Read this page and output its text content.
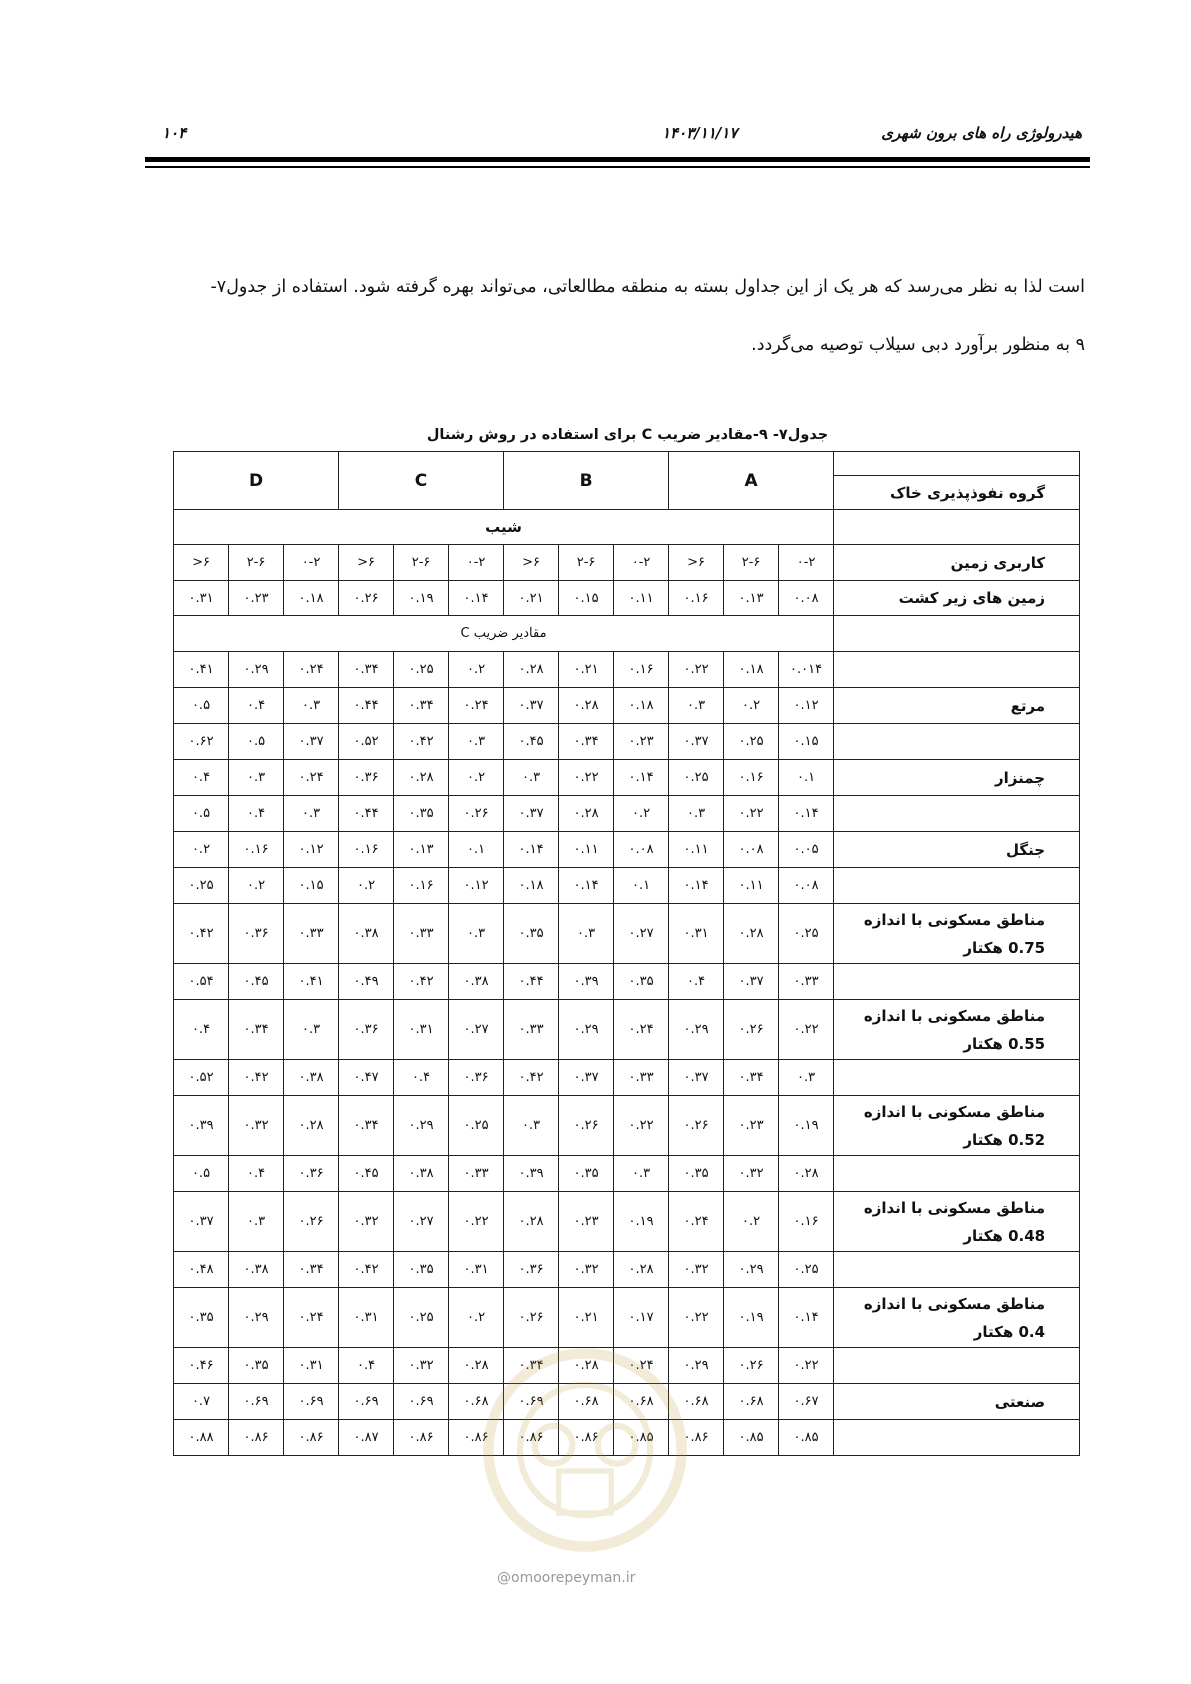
هیدرولوژی راه های برون شهری
۱۴۰۳/۱۱/۱۷
۱۰۴
است لذا به نظر می‌رسد که هر یک از این جداول بسته به منطقه مطالعاتی، می‌تواند بهره گرفته شود. استفاده از جدول۷-
۹ به منظور برآورد دبی سیلاب توصیه می‌گردد.
جدول۷- ۹-مقادیر ضریب C برای استفاده در روش رشنال
	A			B			C			D		
گروه نفوذپذیری خاک												
	شیب											
کاربری زمین	۰-۲	۲-۶	>۶	۰-۲	۲-۶	>۶	۰-۲	۲-۶	>۶	۰-۲	۲-۶	>۶
زمین های زیر کشت	۰.۰۸	۰.۱۳	۰.۱۶	۰.۱۱	۰.۱۵	۰.۲۱	۰.۱۴	۰.۱۹	۰.۲۶	۰.۱۸	۰.۲۳	۰.۳۱
	مقادیر ضریب C											
	۰.۰۱۴	۰.۱۸	۰.۲۲	۰.۱۶	۰.۲۱	۰.۲۸	۰.۲	۰.۲۵	۰.۳۴	۰.۲۴	۰.۲۹	۰.۴۱
مرتع	۰.۱۲	۰.۲	۰.۳	۰.۱۸	۰.۲۸	۰.۳۷	۰.۲۴	۰.۳۴	۰.۴۴	۰.۳	۰.۴	۰.۵
	۰.۱۵	۰.۲۵	۰.۳۷	۰.۲۳	۰.۳۴	۰.۴۵	۰.۳	۰.۴۲	۰.۵۲	۰.۳۷	۰.۵	۰.۶۲
چمنزار	۰.۱	۰.۱۶	۰.۲۵	۰.۱۴	۰.۲۲	۰.۳	۰.۲	۰.۲۸	۰.۳۶	۰.۲۴	۰.۳	۰.۴
	۰.۱۴	۰.۲۲	۰.۳	۰.۲	۰.۲۸	۰.۳۷	۰.۲۶	۰.۳۵	۰.۴۴	۰.۳	۰.۴	۰.۵
جنگل	۰.۰۵	۰.۰۸	۰.۱۱	۰.۰۸	۰.۱۱	۰.۱۴	۰.۱	۰.۱۳	۰.۱۶	۰.۱۲	۰.۱۶	۰.۲
	۰.۰۸	۰.۱۱	۰.۱۴	۰.۱	۰.۱۴	۰.۱۸	۰.۱۲	۰.۱۶	۰.۲	۰.۱۵	۰.۲	۰.۲۵
مناطق مسکونی با اندازه 0.75 هکتار	۰.۲۵	۰.۲۸	۰.۳۱	۰.۲۷	۰.۳	۰.۳۵	۰.۳	۰.۳۳	۰.۳۸	۰.۳۳	۰.۳۶	۰.۴۲
	۰.۳۳	۰.۳۷	۰.۴	۰.۳۵	۰.۳۹	۰.۴۴	۰.۳۸	۰.۴۲	۰.۴۹	۰.۴۱	۰.۴۵	۰.۵۴
مناطق مسکونی با اندازه 0.55 هکتار	۰.۲۲	۰.۲۶	۰.۲۹	۰.۲۴	۰.۲۹	۰.۳۳	۰.۲۷	۰.۳۱	۰.۳۶	۰.۳	۰.۳۴	۰.۴
	۰.۳	۰.۳۴	۰.۳۷	۰.۳۳	۰.۳۷	۰.۴۲	۰.۳۶	۰.۴	۰.۴۷	۰.۳۸	۰.۴۲	۰.۵۲
مناطق مسکونی با اندازه 0.52 هکتار	۰.۱۹	۰.۲۳	۰.۲۶	۰.۲۲	۰.۲۶	۰.۳	۰.۲۵	۰.۲۹	۰.۳۴	۰.۲۸	۰.۳۲	۰.۳۹
	۰.۲۸	۰.۳۲	۰.۳۵	۰.۳	۰.۳۵	۰.۳۹	۰.۳۳	۰.۳۸	۰.۴۵	۰.۳۶	۰.۴	۰.۵
مناطق مسکونی با اندازه 0.48 هکتار	۰.۱۶	۰.۲	۰.۲۴	۰.۱۹	۰.۲۳	۰.۲۸	۰.۲۲	۰.۲۷	۰.۳۲	۰.۲۶	۰.۳	۰.۳۷
	۰.۲۵	۰.۲۹	۰.۳۲	۰.۲۸	۰.۳۲	۰.۳۶	۰.۳۱	۰.۳۵	۰.۴۲	۰.۳۴	۰.۳۸	۰.۴۸
مناطق مسکونی با اندازه 0.4 هکتار	۰.۱۴	۰.۱۹	۰.۲۲	۰.۱۷	۰.۲۱	۰.۲۶	۰.۲	۰.۲۵	۰.۳۱	۰.۲۴	۰.۲۹	۰.۳۵
	۰.۲۲	۰.۲۶	۰.۲۹	۰.۲۴	۰.۲۸	۰.۳۴	۰.۲۸	۰.۳۲	۰.۴	۰.۳۱	۰.۳۵	۰.۴۶
صنعتی	۰.۶۷	۰.۶۸	۰.۶۸	۰.۶۸	۰.۶۸	۰.۶۹	۰.۶۸	۰.۶۹	۰.۶۹	۰.۶۹	۰.۶۹	۰.۷
	۰.۸۵	۰.۸۵	۰.۸۶	۰.۸۵	۰.۸۶	۰.۸۶	۰.۸۶	۰.۸۶	۰.۸۷	۰.۸۶	۰.۸۶	۰.۸۸
@omoorepeyman.ir
